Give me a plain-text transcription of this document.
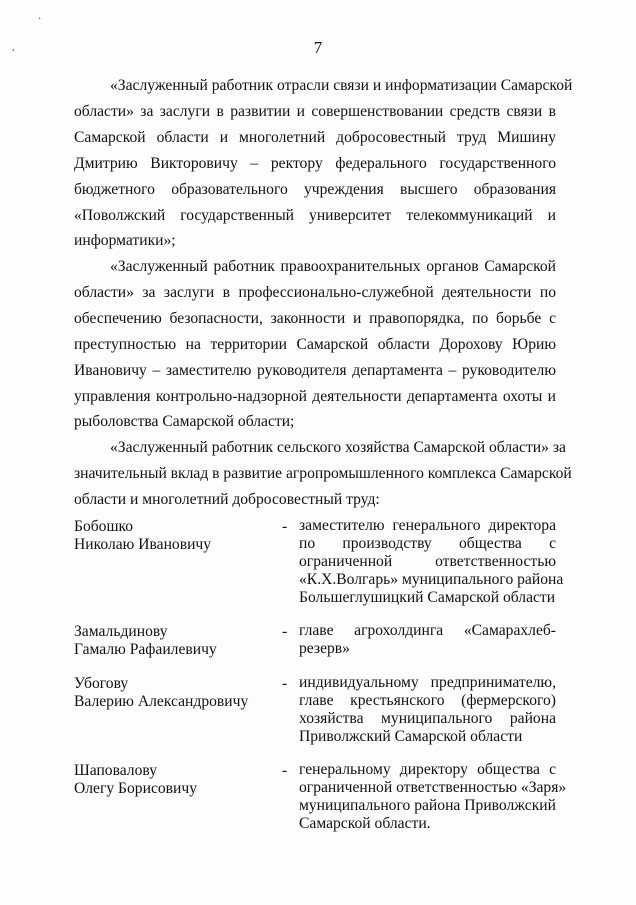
·
,	7
«Заслуженный работник отрасли связи и информатизации Самарской
области» за заслуги в развитии и совершенствовании средств связи в
Самарской области и многолетний добросовестный труд Мишину
Дмитрию Викторовичу – ректору федерального государственного
бюджетного образовательного учреждения высшего образования
«Поволжский государственный университет телекоммуникаций и
информатики»;
«Заслуженный работник правоохранительных органов Самарской
области» за заслуги в профессионально-служебной деятельности по
обеспечению безопасности, законности и правопорядка, по борьбе с
преступностью на территории Самарской области Дорохову Юрию
Ивановичу – заместителю руководителя департамента – руководителю
управления контрольно-надзорной деятельности департамента охоты и
рыболовства Самарской области;
«Заслуженный работник сельского хозяйства Самарской области» за
значительный вклад в развитие агропромышленного комплекса Самарской
области и многолетний добросовестный труд:
Бобошко
Николаю Ивановичу
- заместителю генерального директора
по производству общества с
ограниченной ответственностью
«К.Х.Волгарь» муниципального района
Большеглушицкий Самарской области
Замальдинову
Гамалю Рафаилевичу
- главе агрохолдинга «Самарахлеб-
резерв»
Убогову
Валерию Александровичу
- индивидуальному предпринимателю,
главе крестьянского (фермерского)
хозяйства муниципального района
Приволжский Самарской области
Шаповалову
Олегу Борисовичу
- генеральному директору общества с
ограниченной ответственностью «Заря»
муниципального района Приволжский
Самарской области.
